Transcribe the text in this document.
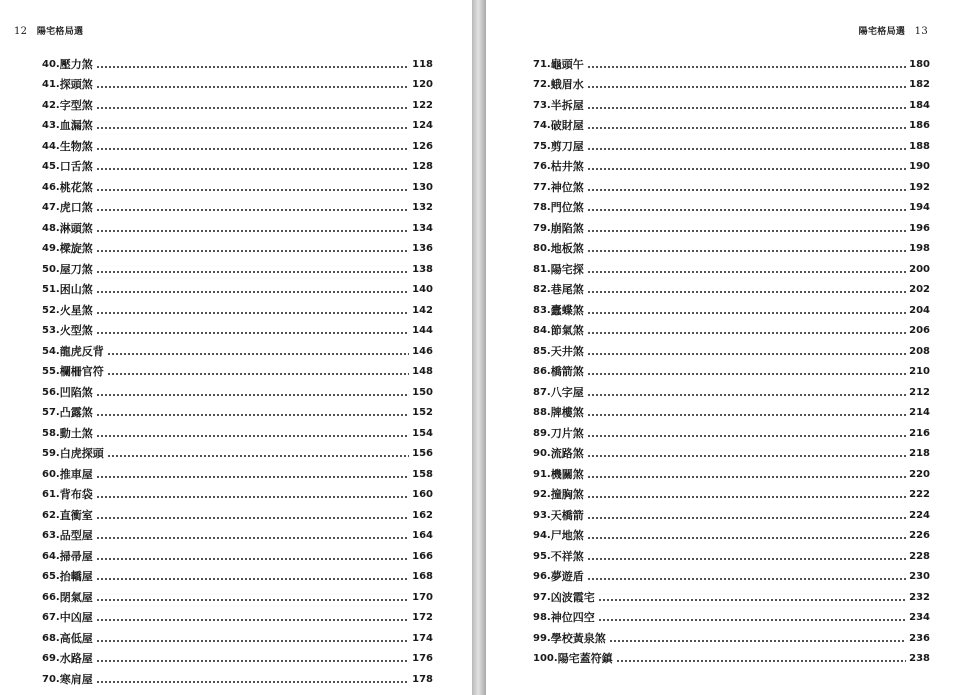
12 陽宅格局選
40. 壓力煞	118
41. 探頭煞	120
42. 字型煞	122
43. 血漏煞	124
44. 生物煞	126
45. 口舌煞	128
46. 桃花煞	130
47. 虎口煞	132
48. 淋頭煞	134
49. 樑旋煞	136
50. 屋刀煞	138
51. 困山煞	140
52. 火星煞	142
53. 火型煞	144
54. 龍虎反背	146
55. 欄柵官符	148
56. 凹陷煞	150
57. 凸露煞	152
58. 動土煞	154
59. 白虎探頭	156
60. 推車屋	158
61. 背布袋	160
62. 直衝室	162
63. 品型屋	164
64. 掃帚屋	166
65. 抬轎屋	168
66. 閉氣屋	170
67. 中凶屋	172
68. 高低屋	174
69. 水路屋	176
70. 寒肩屋	178
陽宅格局選 13
71. 龜頭午	180
72. 蛾眉水	182
73. 半拆屋	184
74. 破財屋	186
75. 剪刀屋	188
76. 枯井煞	190
77. 神位煞	192
78. 門位煞	194
79. 崩陷煞	196
80. 地板煞	198
81. 陽宅探	200
82. 巷尾煞	202
83. 蠹蝶煞	204
84. 節氣煞	206
85. 天井煞	208
86. 橋箭煞	210
87. 八字屋	212
88. 牌樓煞	214
89. 刀片煞	216
90. 流路煞	218
91. 機關煞	220
92. 撞胸煞	222
93. 天橋箭	224
94. 尸地煞	226
95. 不祥煞	228
96. 夢遊盾	230
97. 凶波霞宅	232
98. 神位四空	234
99. 學校黃泉煞	236
100. 陽宅蓋符鎮	238
